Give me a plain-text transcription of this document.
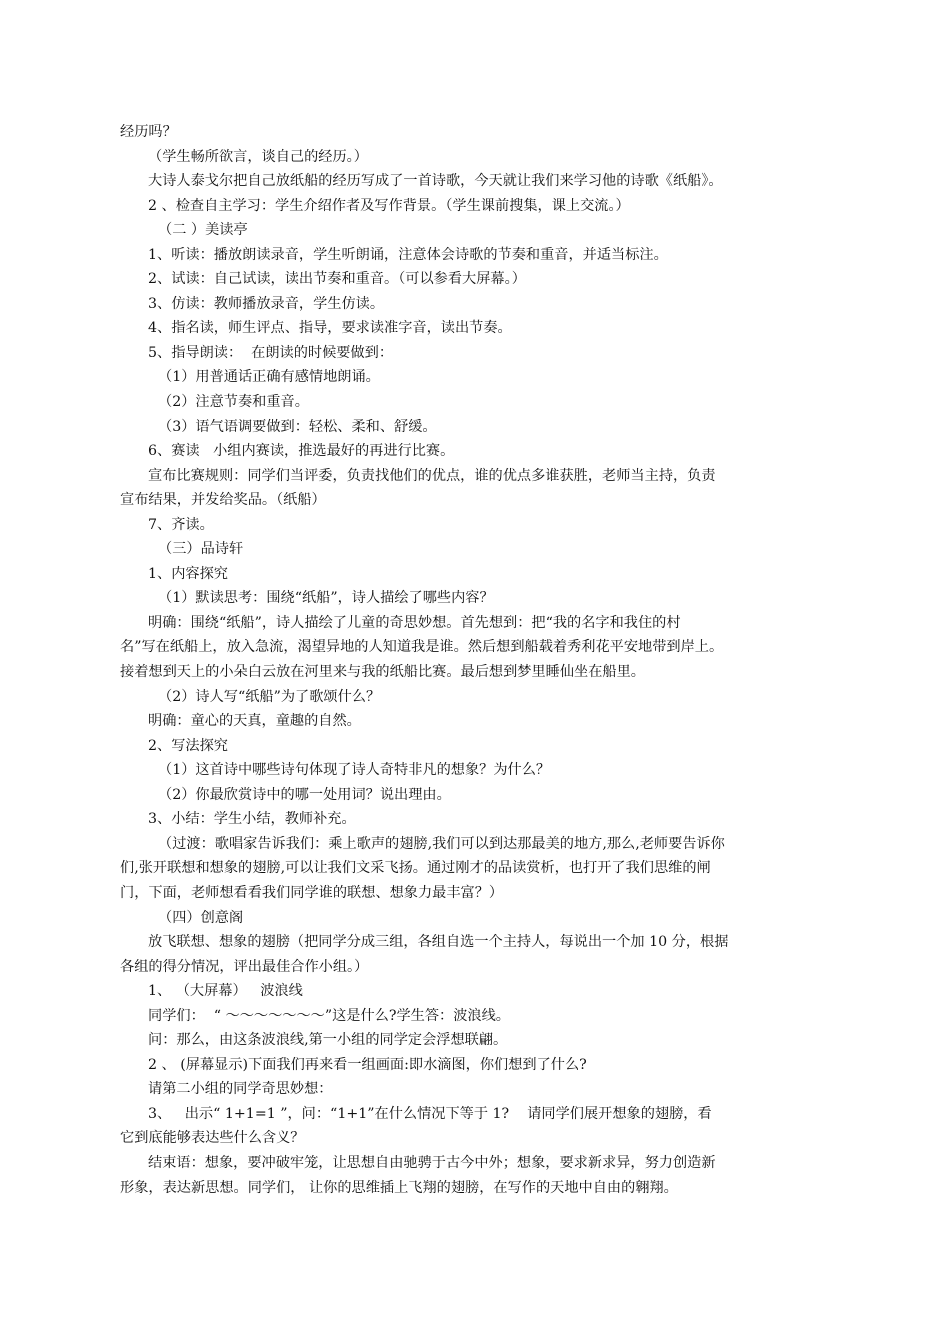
经历吗？
（学生畅所欲言，谈自己的经历。）
大诗人泰戈尔把自己放纸船的经历写成了一首诗歌，今天就让我们来学习他的诗歌《纸船》。
2 、检查自主学习：学生介绍作者及写作背景。（学生课前搜集，课上交流。）
（二 ）美读亭
1、听读：播放朗读录音，学生听朗诵，注意体会诗歌的节奏和重音，并适当标注。
2、试读：自己试读，读出节奏和重音。（可以参看大屏幕。）
3、仿读：教师播放录音，学生仿读。
4、指名读，师生评点、指导，要求读准字音，读出节奏。
5、指导朗读：  在朗读的时候要做到：
（1）用普通话正确有感情地朗诵。
（2）注意节奏和重音。
（3）语气语调要做到：轻松、柔和、舒缓。
6、赛读   小组内赛读，推选最好的再进行比赛。
宣布比赛规则：同学们当评委，负责找他们的优点，谁的优点多谁获胜，老师当主持，负责
宣布结果，并发给奖品。（纸船）
7、齐读。
（三）品诗轩
1、内容探究
（1）默读思考：围绕“纸船”，诗人描绘了哪些内容？
明确：围绕“纸船”，诗人描绘了儿童的奇思妙想。首先想到：把“我的名字和我住的村
名”写在纸船上，放入急流，渴望异地的人知道我是谁。然后想到船载着秀利花平安地带到岸上。
接着想到天上的小朵白云放在河里来与我的纸船比赛。最后想到梦里睡仙坐在船里。
（2）诗人写“纸船”为了歌颂什么？
明确：童心的天真，童趣的自然。
2、写法探究
（1）这首诗中哪些诗句体现了诗人奇特非凡的想象？为什么？
（2）你最欣赏诗中的哪一处用词？说出理由。
3、小结：学生小结，教师补充。
（过渡：歌唱家告诉我们：乘上歌声的翅膀,我们可以到达那最美的地方,那么,老师要告诉你
们,张开联想和想象的翅膀,可以让我们文采飞扬。通过刚才的品读赏析，也打开了我们思维的闸
门，下面，老师想看看我们同学谁的联想、想象力最丰富？）
（四）创意阁
放飞联想、想象的翅膀（把同学分成三组，各组自选一个主持人，每说出一个加 10 分，根据
各组的得分情况，评出最佳合作小组。）
1、 （大屏幕）   波浪线
同学们：  “ ～～～～～～～”这是什么?学生答：波浪线。
问：那么，由这条波浪线,第一小组的同学定会浮想联翩。
2 、 (屏幕显示)下面我们再来看一组画面:即水滴图，你们想到了什么?
请第二小组的同学奇思妙想：
3、   出示“ 1+1=1 ”，问：“1+1”在什么情况下等于 1?    请同学们展开想象的翅膀，看
它到底能够表达些什么含义？
结束语：想象，要冲破牢笼，让思想自由驰骋于古今中外；想象，要求新求异，努力创造新
形象，表达新思想。同学们， 让你的思维插上飞翔的翅膀，在写作的天地中自由的翱翔。
